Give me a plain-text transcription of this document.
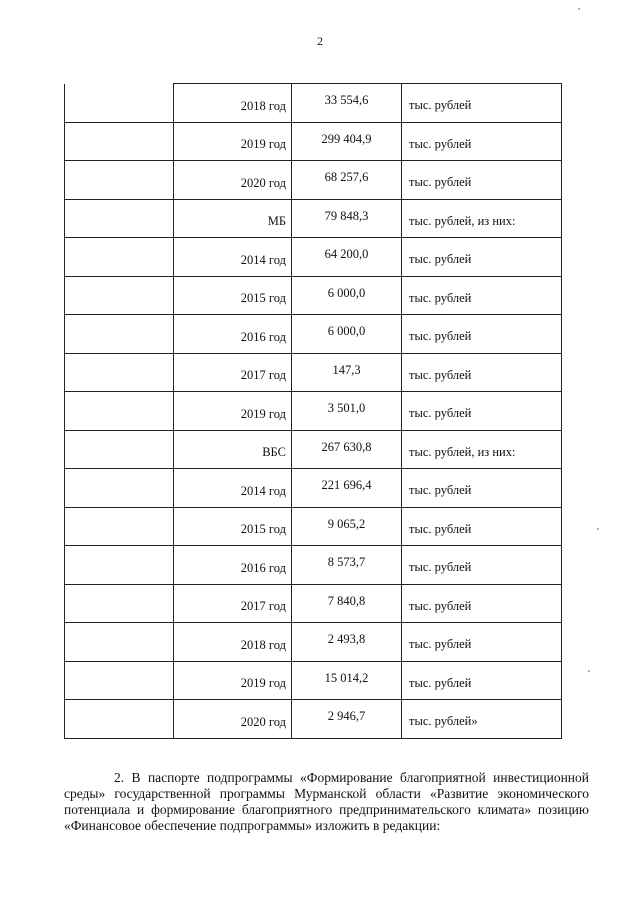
2
	2018 год	33 554,6	тыс. рублей
	2019 год	299 404,9	тыс. рублей
	2020 год	68 257,6	тыс. рублей
	МБ	79 848,3	тыс. рублей, из них:
	2014 год	64 200,0	тыс. рублей
	2015 год	6 000,0	тыс. рублей
	2016 год	6 000,0	тыс. рублей
	2017 год	147,3	тыс. рублей
	2019 год	3 501,0	тыс. рублей
	ВБС	267 630,8	тыс. рублей, из них:
	2014 год	221 696,4	тыс. рублей
	2015 год	9 065,2	тыс. рублей
	2016 год	8 573,7	тыс. рублей
	2017 год	7 840,8	тыс. рублей
	2018 год	2 493,8	тыс. рублей
	2019 год	15 014,2	тыс. рублей
	2020 год	2 946,7	тыс. рублей»

2. В паспорте подпрограммы «Формирование благоприятной инвестиционной среды» государственной программы Мурманской области «Развитие экономического потенциала и формирование благоприятного предпринимательского климата» позицию «Финансовое обеспечение подпрограммы» изложить в редакции:
